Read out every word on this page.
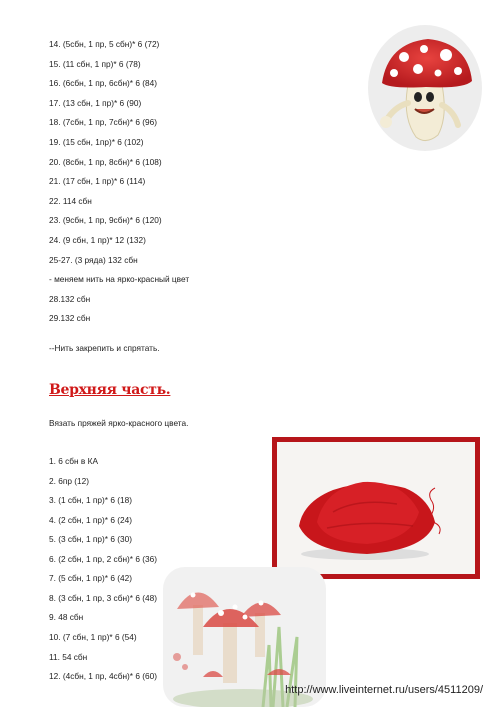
14. (5сбн, 1 пр, 5 сбн)* 6 (72)
15. (11 сбн, 1 пр)* 6 (78)
16. (6сбн, 1 пр, 6сбн)* 6 (84)
17. (13 сбн, 1 пр)* 6 (90)
18. (7сбн, 1 пр, 7сбн)* 6 (96)
19. (15 сбн, 1пр)* 6 (102)
20. (8сбн, 1 пр, 8сбн)* 6 (108)
21. (17 сбн, 1 пр)* 6 (114)
22. 114 сбн
23. (9сбн, 1 пр, 9сбн)* 6 (120)
24. (9 сбн, 1 пр)* 12 (132)
25-27. (3 ряда) 132 сбн
- меняем нить на ярко-красный цвет
28.132 сбн
29.132 сбн
--Нить закрепить и спрятать.
Верхняя часть.
Вязать пряжей ярко-красного цвета.
1. 6 сбн в КА
2. 6пр (12)
3. (1 сбн, 1 пр)* 6 (18)
4. (2 сбн, 1 пр)* 6 (24)
5. (3 сбн, 1 пр)* 6 (30)
6. (2 сбн, 1 пр, 2 сбн)* 6 (36)
7. (5 сбн, 1 пр)* 6 (42)
8. (3 сбн, 1 пр, 3 сбн)* 6 (48)
9. 48 сбн
10. (7 сбн, 1 пр)* 6 (54)
11. 54 сбн
12. (4сбн, 1 пр, 4сбн)* 6 (60)
http://www.liveinternet.ru/users/4511209/
